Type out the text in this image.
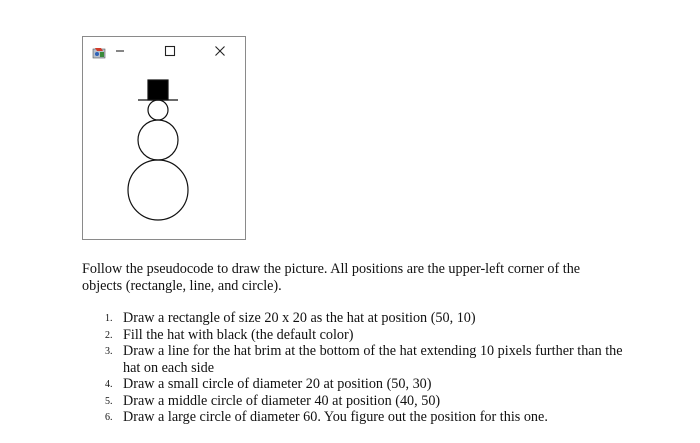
Follow the pseudocode to draw the picture. All positions are the upper-left corner of the objects (rectangle, line, and circle).

1. Draw a rectangle of size 20 x 20 as the hat at position (50, 10)
2. Fill the hat with black (the default color)
3. Draw a line for the hat brim at the bottom of the hat extending 10 pixels further than the hat on each side
4. Draw a small circle of diameter 20 at position (50, 30)
5. Draw a middle circle of diameter 40 at position (40, 50)
6. Draw a large circle of diameter 60. You figure out the position for this one.
